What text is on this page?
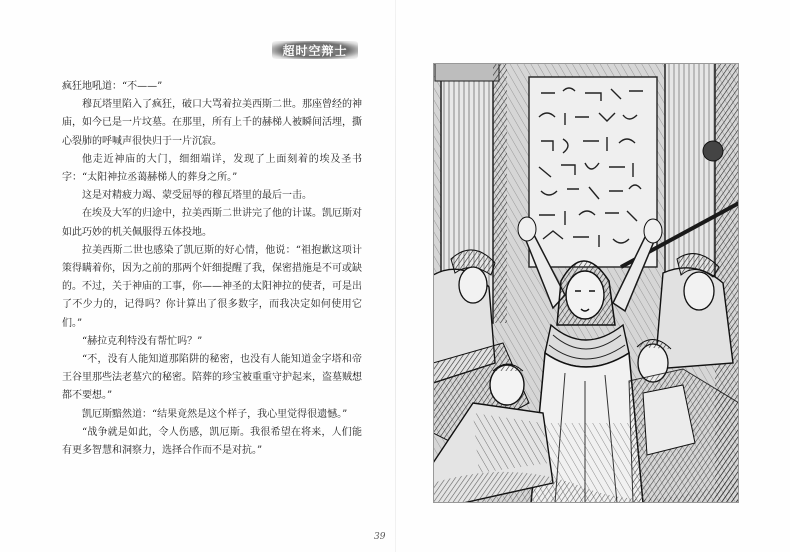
超时空辩士

疯狂地吼道：“不——”

穆瓦塔里陷入了疯狂，破口大骂着拉美西斯二世。那座曾经的神庙，如今已是一片坟墓。在那里，所有上千的赫梯人被瞬间活埋，撕心裂肺的呼喊声很快归于一片沉寂。

他走近神庙的大门，细细端详，发现了上面刻着的埃及圣书字：“太阳神拉丞蔼赫梯人的葬身之所。”

这是对精疲力竭、蒙受屈辱的穆瓦塔里的最后一击。

在埃及大军的归途中，拉美西斯二世讲完了他的计谋。凯厄斯对如此巧妙的机关佩服得五体投地。

拉美西斯二世也感染了凯厄斯的好心情，他说：“祖抱歉这项计策得瞒着你，因为之前的那两个奸细提醒了我，保密措施是不可或缺的。不过，关于神庙的工事，你——神圣的太阳神拉的使者，可是出了不少力的，记得吗？你计算出了很多数字，而我决定如何使用它们。”

“赫拉克利特没有帮忙吗？”

“不，没有人能知道那陷阱的秘密，也没有人能知道金字塔和帝王谷里那些法老墓穴的秘密。陪葬的珍宝被重重守护起来，盗墓贼想都不要想。”

凯厄斯黯然道：“结果竟然是这个样子，我心里觉得很遗憾。”

“战争就是如此，令人伤感，凯厄斯。我很希望在将来，人们能有更多智慧和洞察力，选择合作而不是对抗。”

39
